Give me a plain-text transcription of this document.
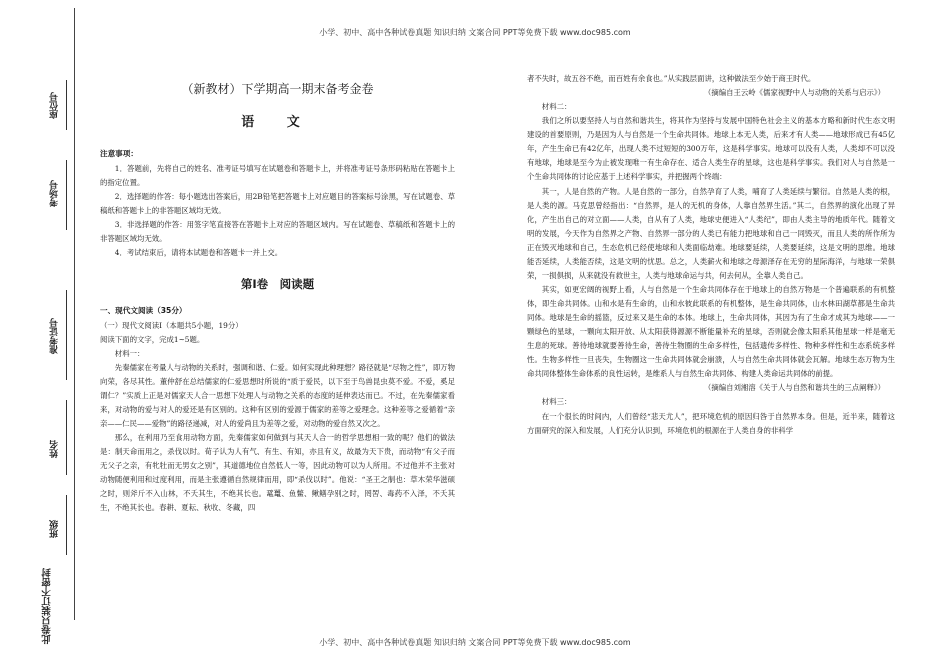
小学、初中、高中各种试卷真题 知识归纳 文案合同 PPT等免费下载 www.doc985.com
小学、初中、高中各种试卷真题 知识归纳 文案合同 PPT等免费下载 www.doc985.com
座位号
考场号
准考证号
姓名
班级
此卷只装订不密封
（新教材）下学期高一期末备考金卷
语 文
注意事项：

1．答题前，先将自己的姓名、准考证号填写在试题卷和答题卡上，并将准考证号条形码粘贴在答题卡上的指定位置。

2．选择题的作答：每小题选出答案后，用2B铅笔把答题卡上对应题目的答案标号涂黑，写在试题卷、草稿纸和答题卡上的非答题区域均无效。

3．非选择题的作答：用签字笔直接答在答题卡上对应的答题区域内。写在试题卷、草稿纸和答题卡上的非答题区域均无效。

4．考试结束后，请将本试题卷和答题卡一并上交。

第Ⅰ卷　阅读题
一、现代文阅读（35分）

（一）现代文阅读Ⅰ（本题共5小题，19分）

阅读下面的文字，完成1~5题。

材料一：

先秦儒家在考量人与动物的关系时，强调和谐、仁爱。如何实现此种理想？路径就是“尽物之性”，即万物向荣，各尽其性。董仲舒在总结儒家的仁爱思想时所说的“质于爱民，以下至于鸟兽昆虫莫不爱。不爱，奚足谓仁？”实质上正是对儒家天人合一思想下处理人与动物之关系的态度的延伸表达而已。不过，在先秦儒家看来，对动物的爱与对人的爱还是有区别的。这种有区别的爱源于儒家的差等之爱理念。这种差等之爱循着“亲亲——仁民——爱物”的路径递减，对人的爱尚且为差等之爱，对动物的爱自然又次之。

那么，在利用乃至食用动物方面，先秦儒家如何做到与其天人合一的哲学思想相一致的呢？他们的做法是：制天命而用之，杀伐以时。荀子认为人有气、有生、有知，亦且有义，故最为天下贵，而动物“有父子而无父子之亲，有牝牡而无男女之别”，其道德地位自然低人一等，因此动物可以为人所用。不过他并不主张对动物随便利用和过度利用，而是主张遵循自然规律而用，即“杀伐以时”。他说：“圣王之制也：草木荣华滋硕之时，则斧斤不入山林，不夭其生，不绝其长也。鼋鼍、鱼鳖、鳅鳝孕别之时，罔罟、毒药不入泽，不夭其生，不绝其长也。春耕、夏耘、秋收、冬藏，四

者不失时，故五谷不绝，而百姓有余食也。”从实践层面讲，这种做法至少始于商王时代。

（摘编自王云岭《儒家视野中人与动物的关系与启示》）

材料二：

我们之所以要坚持人与自然和谐共生，将其作为坚持与发展中国特色社会主义的基本方略和新时代生态文明建设的首要原则，乃是因为人与自然是一个生命共同体。地球上本无人类，后来才有人类——地球形成已有45亿年，产生生命已有42亿年，出现人类不过短短的300万年，这是科学事实。地球可以没有人类，人类却不可以没有地球，地球是至今为止被发现唯一有生命存在、适合人类生存的星球，这也是科学事实。我们对人与自然是一个生命共同体的讨论应基于上述科学事实，并把握两个终端：

其一，人是自然的产物。人是自然的一部分，自然孕育了人类，哺育了人类延续与繁衍。自然是人类的根，是人类的源。马克思曾经指出：“自然界，是人的无机的身体，人靠自然界生活。”其二，自然界的演化出现了异化，产生出自己的对立面——人类，自从有了人类，地球史便进入“人类纪”，即由人类主导的地质年代。随着文明的发展，今天作为自然界之产物、自然界一部分的人类已有能力把地球和自己一同毁灭，而且人类的所作所为正在毁灭地球和自己，生态危机已经使地球和人类面临劫难。地球要延续，人类要延续，这是文明的思维。地球能否延续，人类能否续，这是文明的忧思。总之，人类薪火和地球之母源泽存在无穷的星际海洋，与地球一荣俱荣，一损俱损，从来就没有救世主，人类与地球命运与共，何去何从，全靠人类自己。

其实，如更宏阔的视野上看，人与自然是一个生命共同体存在于地球上的自然万物是一个普遍联系的有机整体，即生命共同体。山和水是有生命的，山和水彼此联系的有机整体，是生命共同体，山水林田湖草都是生命共同体。地球是生命的摇篮，反过来又是生命的本体。地球上，生命共同体，其因为有了生命才成其为地球——一颗绿色的星球，一颗向太阳开放、从太阳获得源源不断能量补充的星球，否则就会像太阳系其他星球一样是毫无生息的死球。善待地球就要善待生命，善待生物圈的生命多样性，包括遗传多样性、物种多样性和生态系统多样性。生物多样性一旦丧失，生物圈这一生命共同体就会崩溃，人与自然生命共同体就会瓦解。地球生态万物为生命共同体整体生命体系的良性运转，是维系人与自然生命共同体、构建人类命运共同体的前提。

（摘编自刘湘溶《关于人与自然和谐共生的三点阐释》）

材料三：

在一个很长的时间内，人们曾经“悲天尤人”，把环境危机的原因归咎于自然界本身。但是，近半来，随着这方面研究的深入和发展，人们充分认识到，环境危机的根源在于人类自身的非科学
